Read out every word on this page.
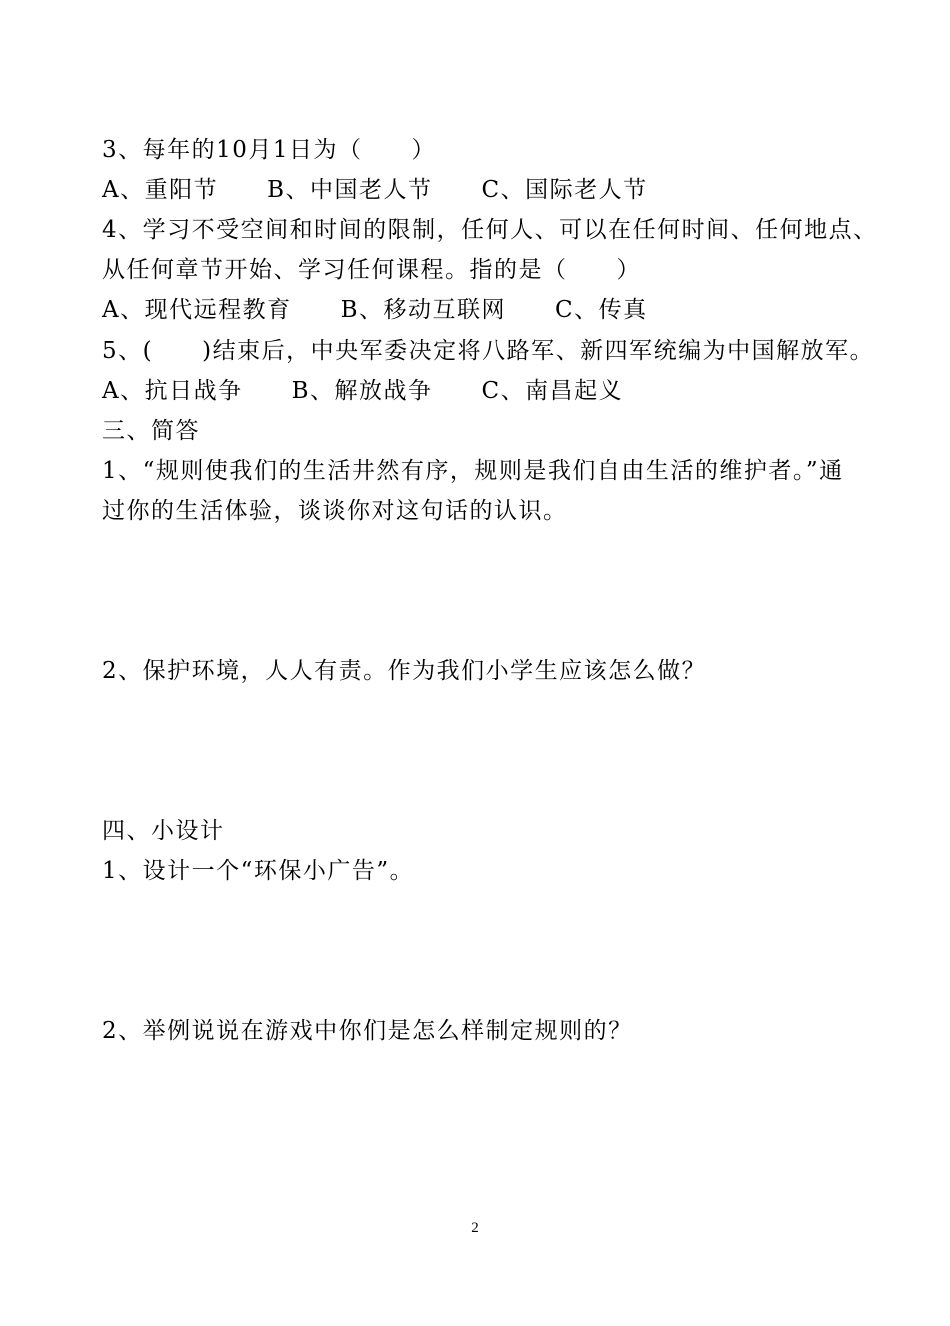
3、每年的10月1日为（　　）
A、重阳节　　B、中国老人节　　C、国际老人节
4、学习不受空间和时间的限制，任何人、可以在任何时间、任何地点、
从任何章节开始、学习任何课程。指的是（　　）
A、现代远程教育　　B、移动互联网　　C、传真
5、(　　)结束后，中央军委决定将八路军、新四军统编为中国解放军。
A、抗日战争　　B、解放战争　　C、南昌起义
三、简答
1、“规则使我们的生活井然有序，规则是我们自由生活的维护者。”通
过你的生活体验，谈谈你对这句话的认识。
2、保护环境，人人有责。作为我们小学生应该怎么做？
四、小设计
1、设计一个“环保小广告”。
2、举例说说在游戏中你们是怎么样制定规则的？
2
